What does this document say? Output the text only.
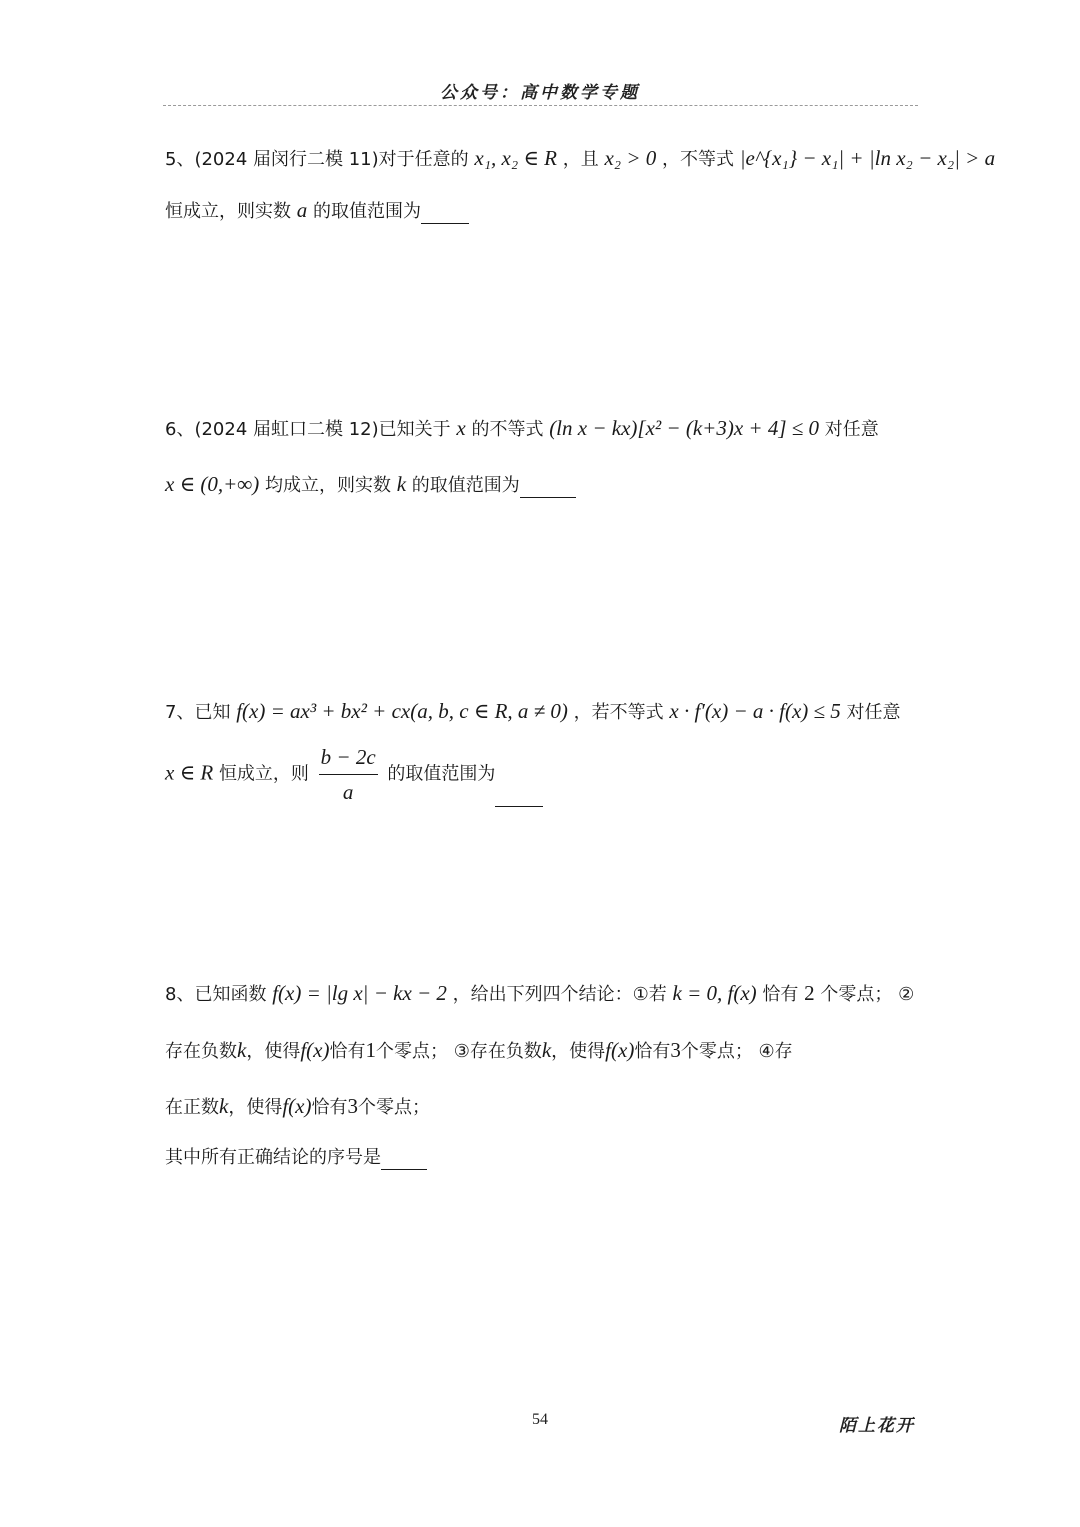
公众号：高中数学专题
5、(2024 届闵行二模 11)对于任意的 x₁, x₂ ∈ R ，且 x₂ > 0 ，不等式 |e^{x₁} − x₁| + |ln x₂ − x₂| > a
恒成立，则实数 a 的取值范围为
6、(2024 届虹口二模 12)已知关于 x 的不等式 (ln x − kx)[x² − (k+3)x + 4] ≤ 0 对任意
x ∈ (0,+∞) 均成立，则实数 k 的取值范围为
7、已知 f(x) = ax³ + bx² + cx(a, b, c ∈ R, a ≠ 0) ，若不等式 x · f′(x) − a · f(x) ≤ 5 对任意
x ∈ R 恒成立，则 $\frac{b - 2c}{a}$ 的取值范围为
8、已知函数 f(x) = |lg x| − kx − 2 ，给出下列四个结论：①若 k = 0, f(x) 恰有 2 个零点； ②
存在负数k，使得f(x)恰有1个零点； ③存在负数k，使得f(x)恰有3个零点； ④存
在正数k，使得f(x)恰有3个零点；
其中所有正确结论的序号是
54	陌上花开
